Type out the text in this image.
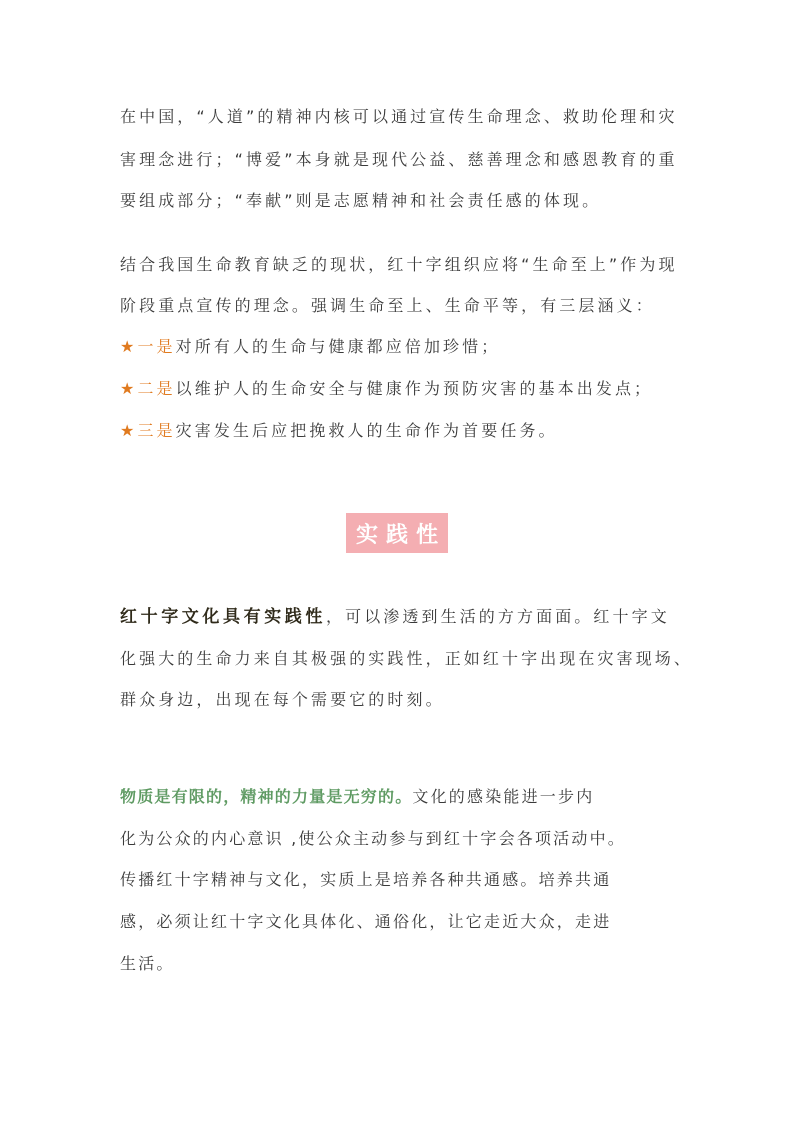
在中国，“人道”的精神内核可以通过宣传生命理念、救助伦理和灾
害理念进行；“博爱”本身就是现代公益、慈善理念和感恩教育的重
要组成部分；“奉献”则是志愿精神和社会责任感的体现。
结合我国生命教育缺乏的现状，红十字组织应将“生命至上”作为现
阶段重点宣传的理念。强调生命至上、生命平等，有三层涵义：
★一是对所有人的生命与健康都应倍加珍惜；
★二是以维护人的生命安全与健康作为预防灾害的基本出发点；
★三是灾害发生后应把挽救人的生命作为首要任务。
实践性
红十字文化具有实践性，可以渗透到生活的方方面面。红十字文
化强大的生命力来自其极强的实践性，正如红十字出现在灾害现场、
群众身边，出现在每个需要它的时刻。
物质是有限的，精神的力量是无穷的。文化的感染能进一步内
化为公众的内心意识 ,使公众主动参与到红十字会各项活动中。
传播红十字精神与文化，实质上是培养各种共通感。培养共通
感，必须让红十字文化具体化、通俗化，让它走近大众，走进
生活。
